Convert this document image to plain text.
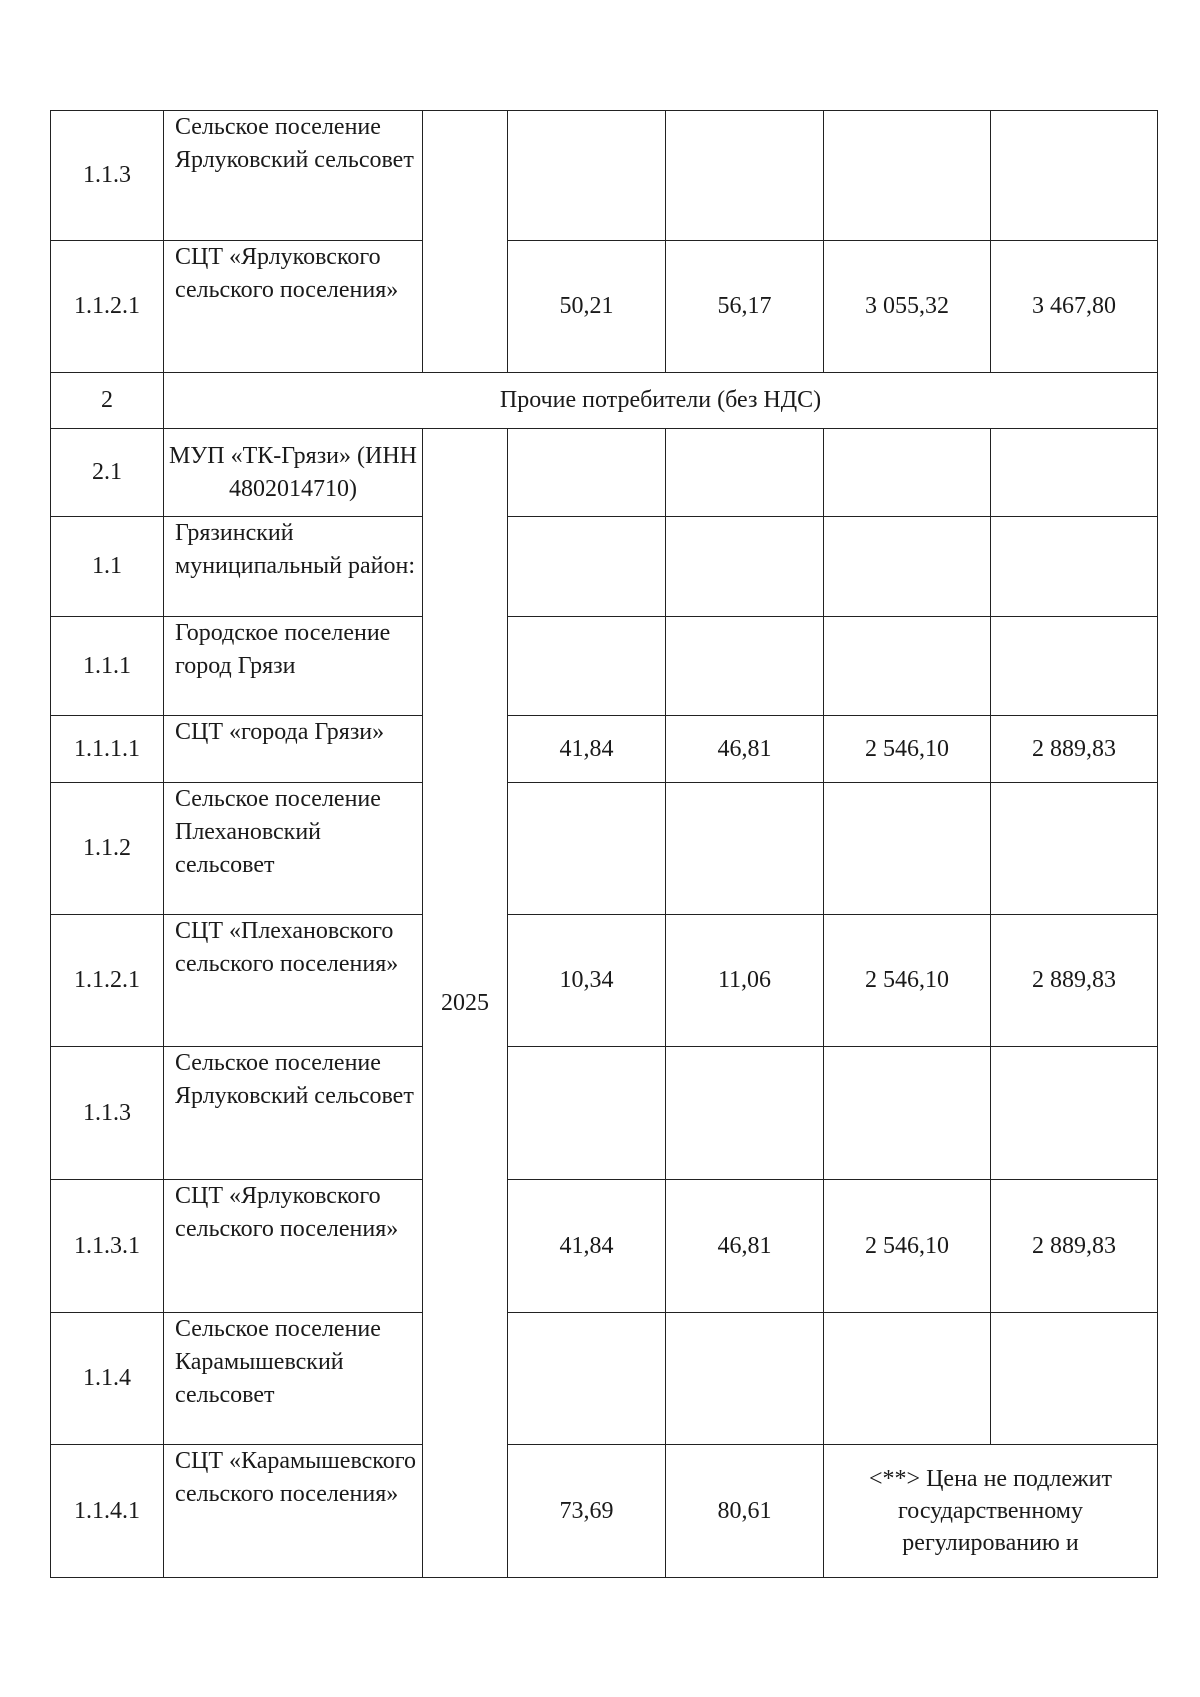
1.1.3	Сельское поселение Ярлуковский сельсовет					
1.1.2.1	СЦТ «Ярлуковского сельского поселения»		50,21	56,17	3 055,32	3 467,80
2	Прочие потребители (без НДС)					
2.1	МУП «ТК-Грязи» (ИНН 4802014710)	2025				
1.1	Грязинский муниципальный район:					
1.1.1	Городское поселение город Грязи					
1.1.1.1	СЦТ «города Грязи»		41,84	46,81	2 546,10	2 889,83
1.1.2	Сельское поселение Плехановский сельсовет					
1.1.2.1	СЦТ «Плехановского сельского поселения»		10,34	11,06	2 546,10	2 889,83
1.1.3	Сельское поселение Ярлуковский сельсовет					
1.1.3.1	СЦТ «Ярлуковского сельского поселения»		41,84	46,81	2 546,10	2 889,83
1.1.4	Сельское поселение Карамышевский сельсовет					
1.1.4.1	СЦТ «Карамышевского сельского поселения»		73,69	80,61	<**> Цена не подлежит государственному регулированию и	
